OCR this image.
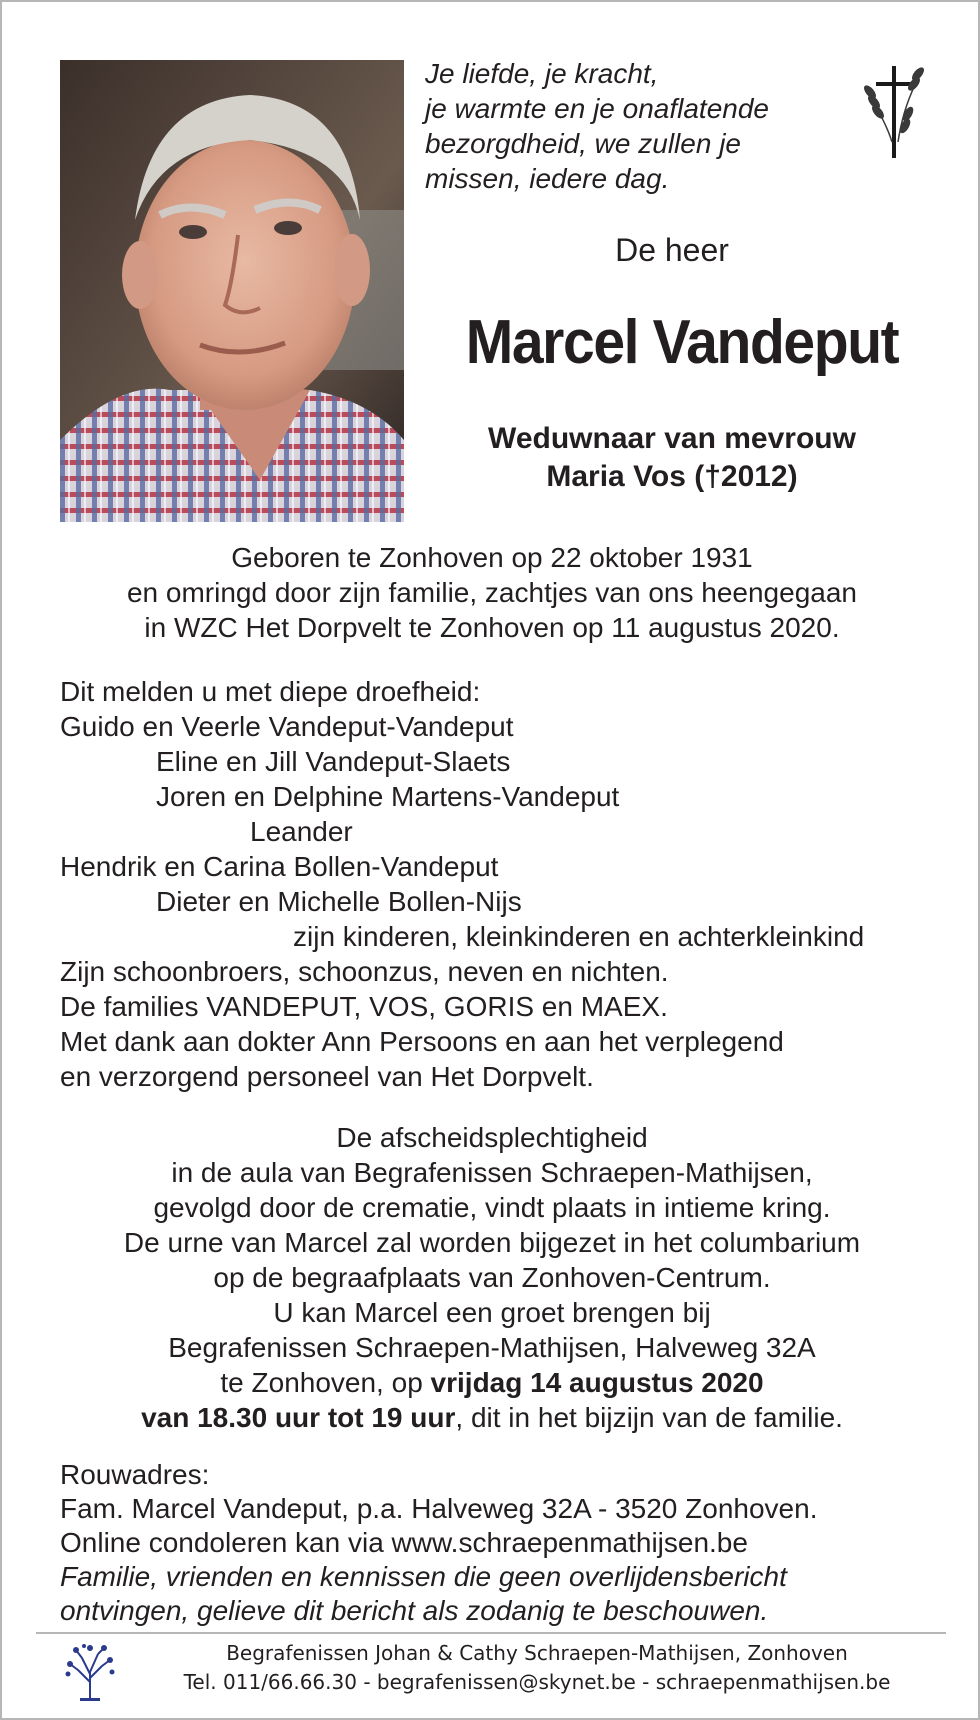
Je liefde, je kracht,
je warmte en je onaflatende
bezorgdheid, we zullen je
missen, iedere dag.
De heer
Marcel Vandeput
Weduwnaar van mevrouw
Maria Vos (†2012)
Geboren te Zonhoven op 22 oktober 1931
en omringd door zijn familie, zachtjes van ons heengegaan
in WZC Het Dorpvelt te Zonhoven op 11 augustus 2020.
Dit melden u met diepe droefheid:
Guido en Veerle Vandeput-Vandeput
Eline en Jill Vandeput-Slaets
Joren en Delphine Martens-Vandeput
Leander
Hendrik en Carina Bollen-Vandeput
Dieter en Michelle Bollen-Nijs
zijn kinderen, kleinkinderen en achterkleinkind
Zijn schoonbroers, schoonzus, neven en nichten.
De families VANDEPUT, VOS, GORIS en MAEX.
Met dank aan dokter Ann Persoons en aan het verplegend
en verzorgend personeel van Het Dorpvelt.
De afscheidsplechtigheid
in de aula van Begrafenissen Schraepen-Mathijsen,
gevolgd door de crematie, vindt plaats in intieme kring.
De urne van Marcel zal worden bijgezet in het columbarium
op de begraafplaats van Zonhoven-Centrum.
U kan Marcel een groet brengen bij
Begrafenissen Schraepen-Mathijsen, Halveweg 32A
te Zonhoven, op vrijdag 14 augustus 2020
van 18.30 uur tot 19 uur, dit in het bijzijn van de familie.
Rouwadres:
Fam. Marcel Vandeput, p.a. Halveweg 32A - 3520 Zonhoven.
Online condoleren kan via www.schraepenmathijsen.be
Familie, vrienden en kennissen die geen overlijdensbericht
ontvingen, gelieve dit bericht als zodanig te beschouwen.
Begrafenissen Johan & Cathy Schraepen-Mathijsen, Zonhoven
Tel. 011/66.66.30 - begrafenissen@skynet.be - schraepenmathijsen.be
